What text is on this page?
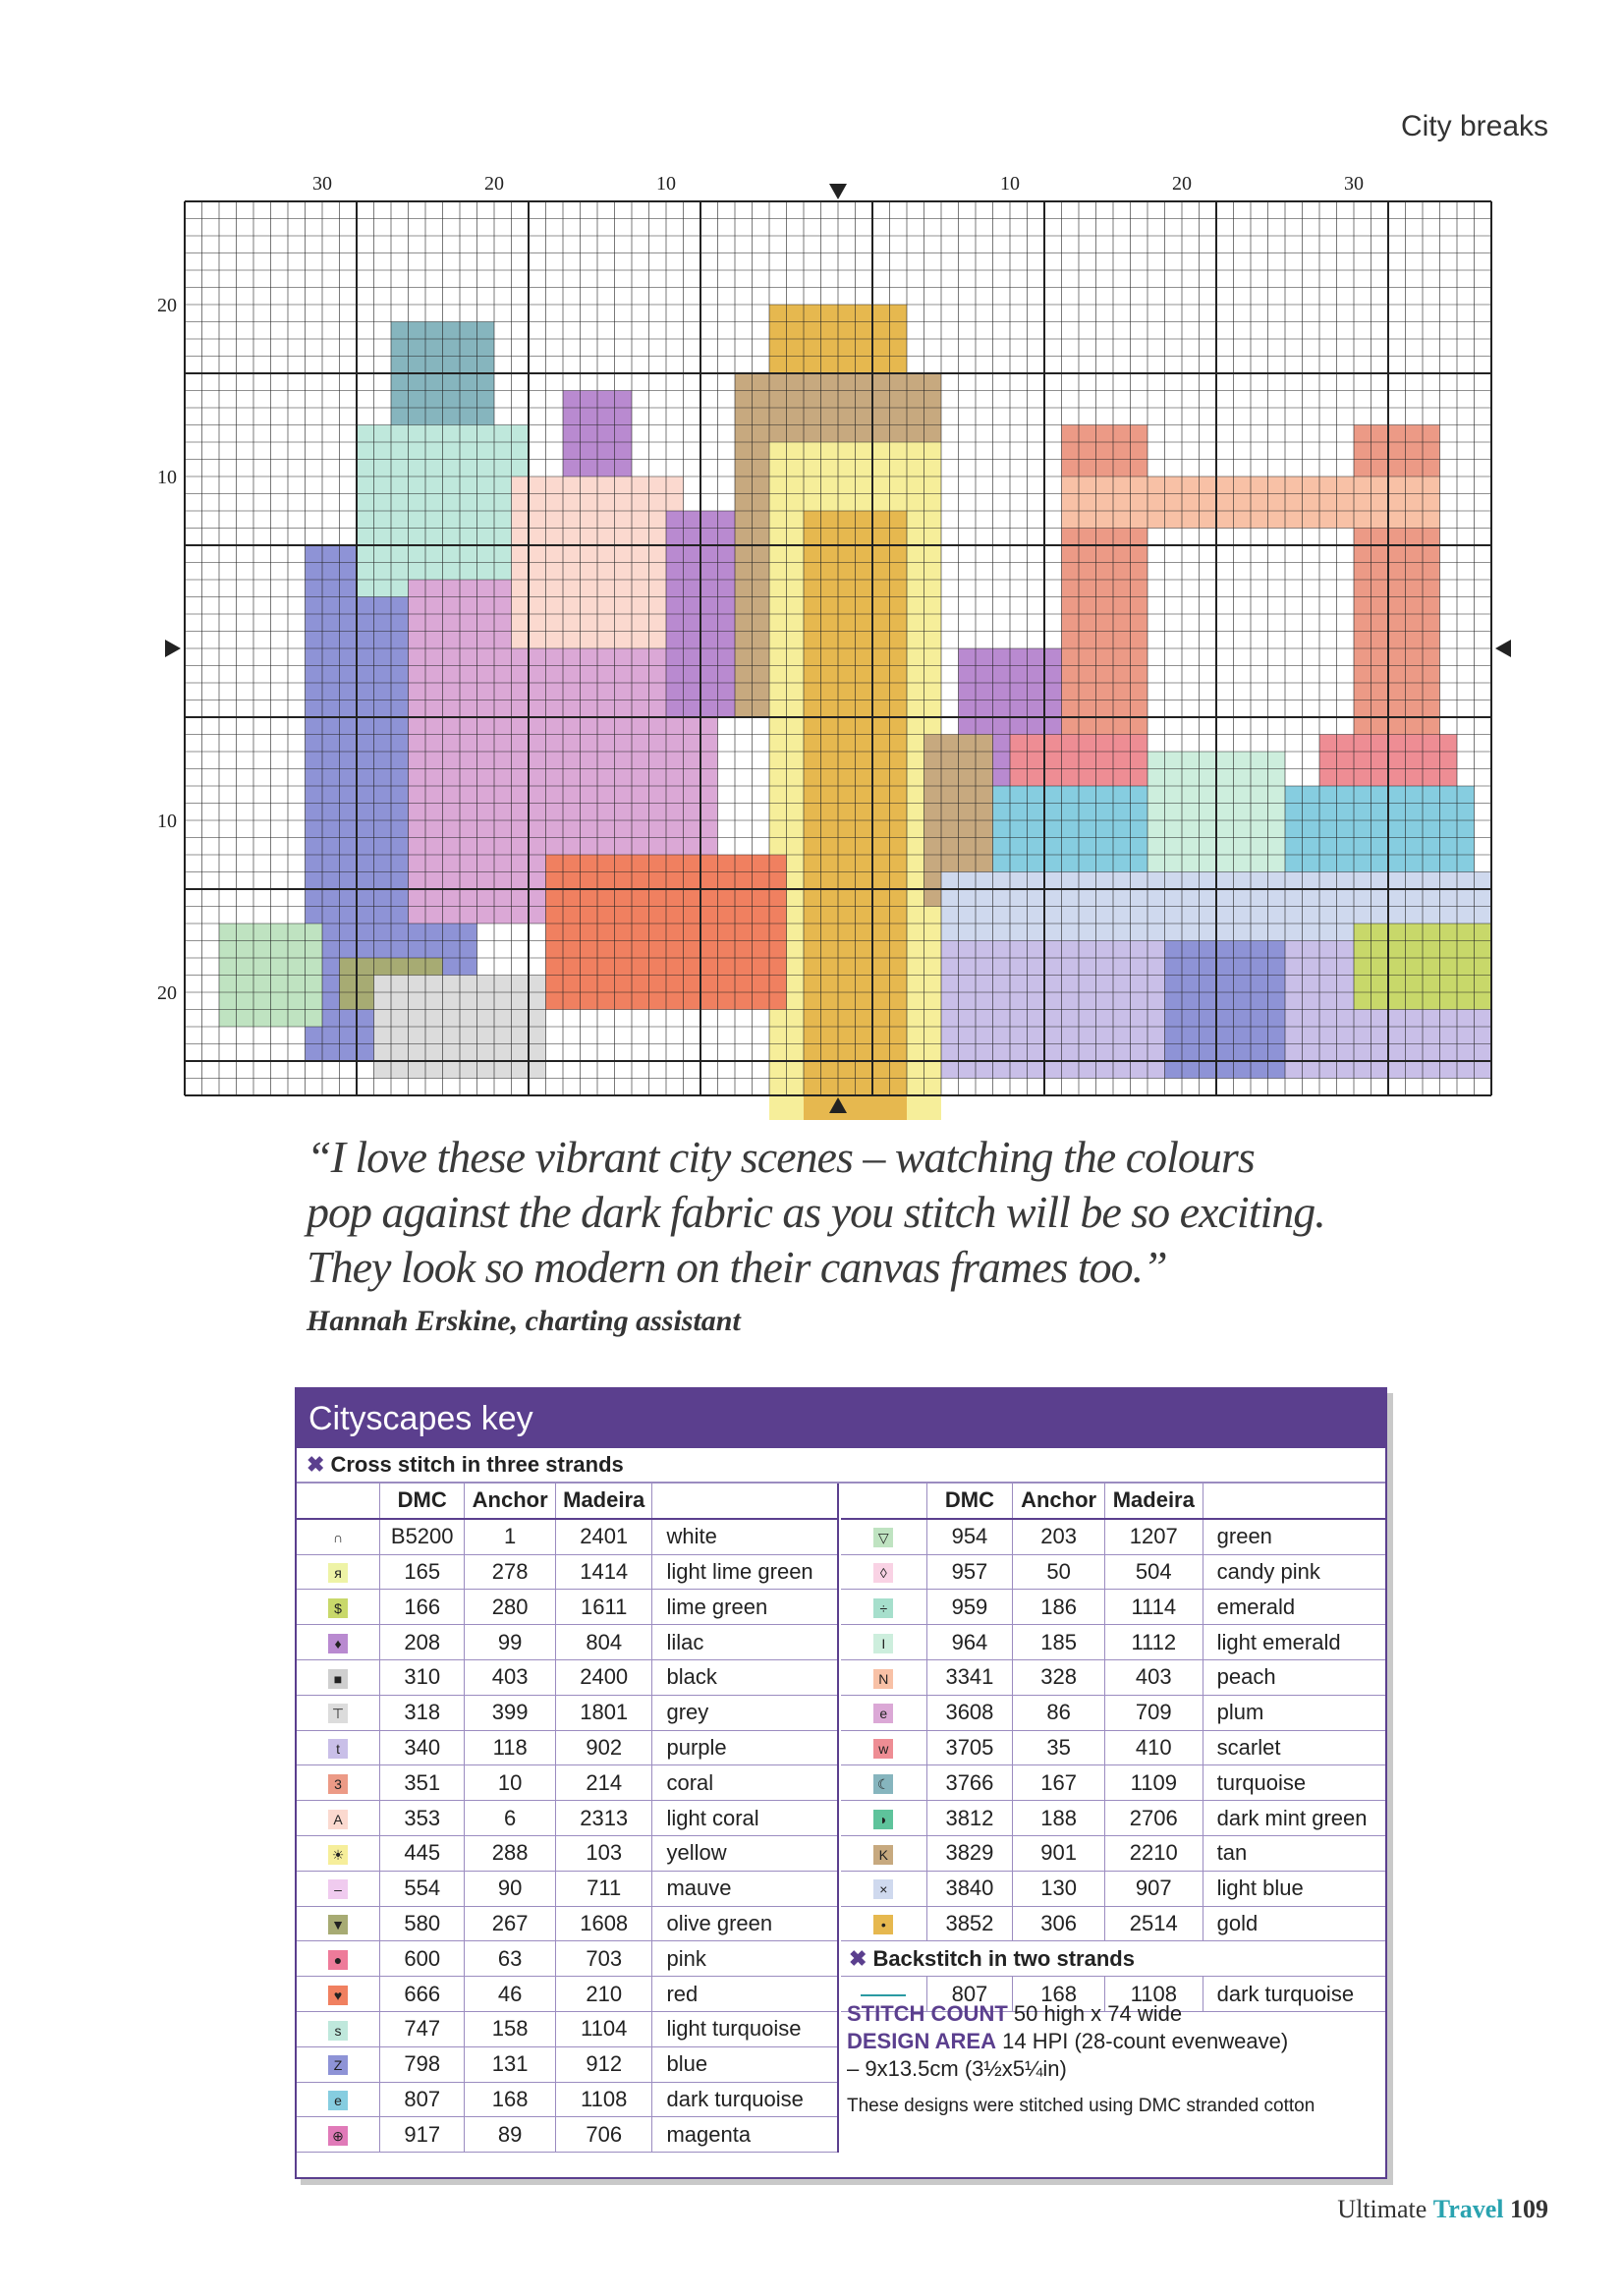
City breaks
30	20	10	10	20	30
20
10
10
20
“I love these vibrant city scenes – watching the colours
pop against the dark fabric as you stitch will be so exciting.
They look so modern on their canvas frames too.”
Hannah Erskine, charting assistant
Cityscapes key
✖ Cross stitch in three strands
	DMC	Anchor	Madeira	
∩	B5200	1	2401	white
я	165	278	1414	light lime green
$	166	280	1611	lime green
♦	208	99	804	lilac
■	310	403	2400	black
⊤	318	399	1801	grey
t	340	118	902	purple
3	351	10	214	coral
A	353	6	2313	light coral
☀	445	288	103	yellow
–	554	90	711	mauve
▼	580	267	1608	olive green
●	600	63	703	pink
♥	666	46	210	red
s	747	158	1104	light turquoise
Z	798	131	912	blue
e	807	168	1108	dark turquoise
⊕	917	89	706	magenta
	DMC	Anchor	Madeira	
▽	954	203	1207	green
◊	957	50	504	candy pink
÷	959	186	1114	emerald
I	964	185	1112	light emerald
N	3341	328	403	peach
e	3608	86	709	plum
w	3705	35	410	scarlet
☾	3766	167	1109	turquoise
◗	3812	188	2706	dark mint green
K	3829	901	2210	tan
×	3840	130	907	light blue
•	3852	306	2514	gold
✖ Backstitch in two strands				
	807	168	1108	dark turquoise
STITCH COUNT 50 high x 74 wide
DESIGN AREA 14 HPI (28-count evenweave)
– 9x13.5cm (3½x5¼in)
These designs were stitched using DMC stranded cotton
Ultimate Travel 109
